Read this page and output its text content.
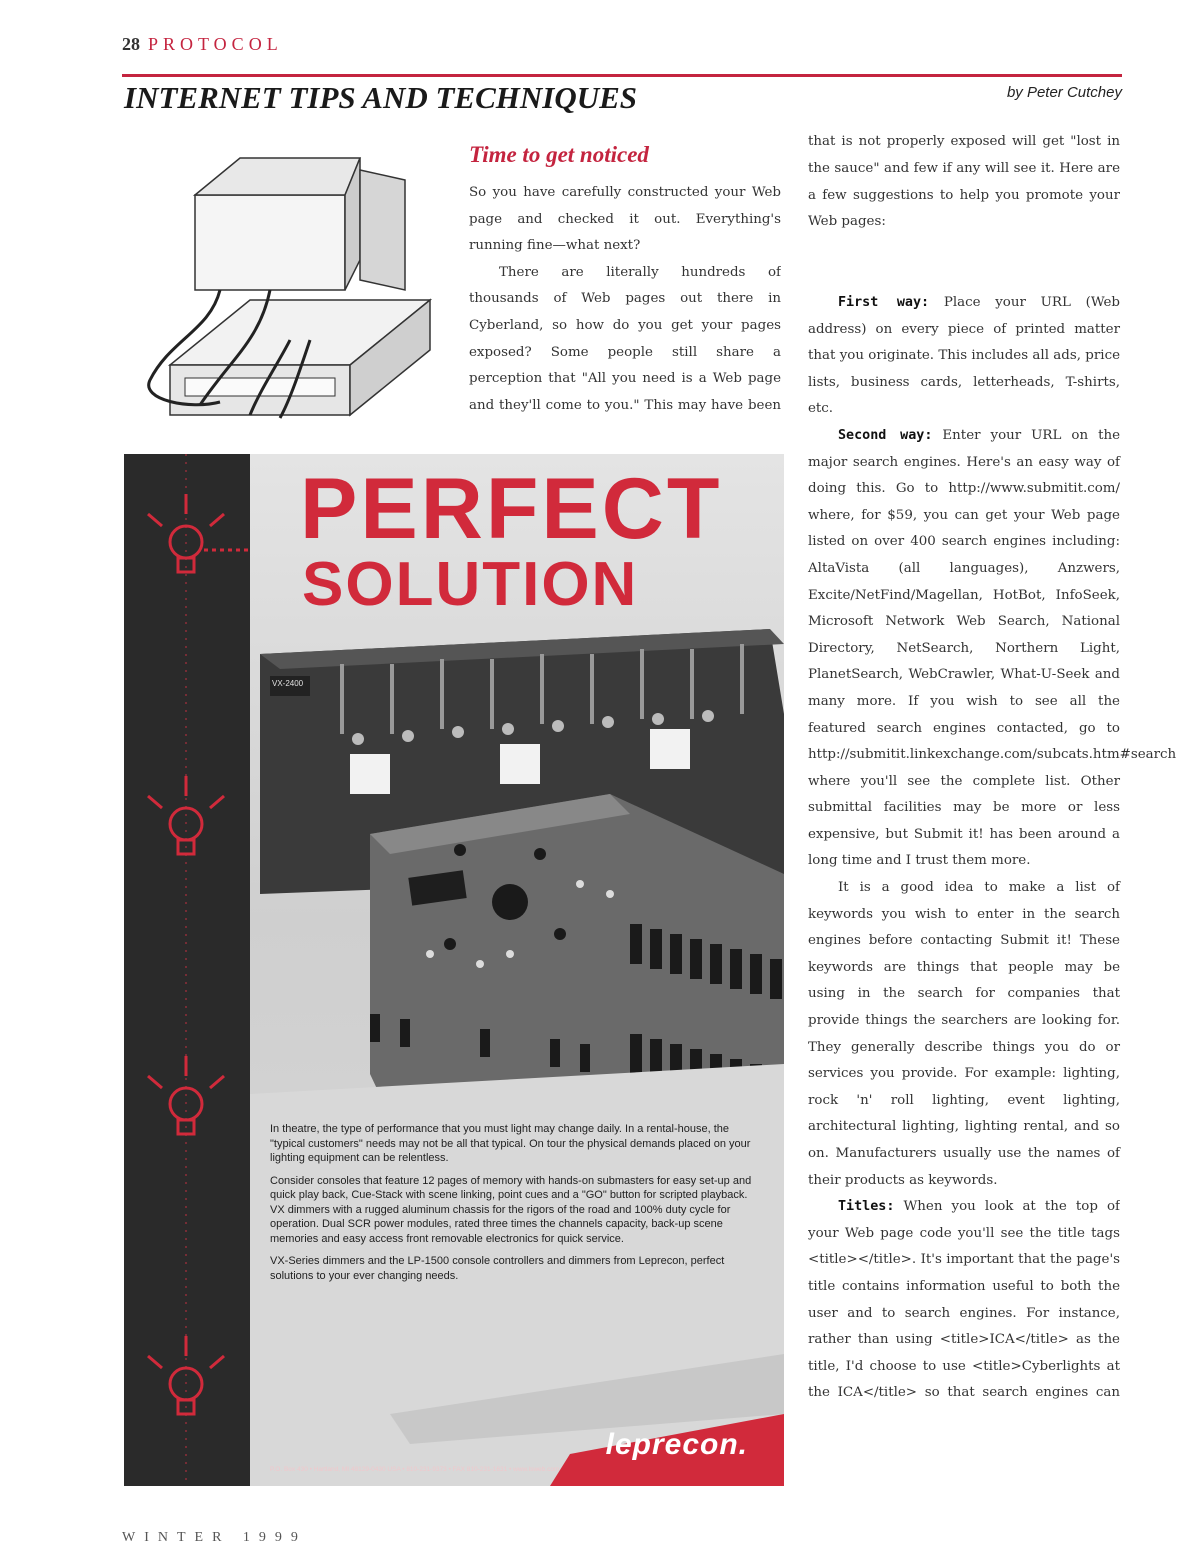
28 PROTOCOL
INTERNET TIPS AND TECHNIQUES	by Peter Cutchey
Time to get noticed

So you have carefully constructed your Web page and checked it out. Everything's running fine—what next?

There are literally hundreds of thousands of Web pages out there in Cyberland, so how do you get your pages exposed? Some people still share a perception that "All you need is a Web page and they'll come to you." This may have been

that is not properly exposed will get "lost in the sauce" and few if any will see it. Here are a few suggestions to help you promote your Web pages:

First way: Place your URL (Web address) on every piece of printed matter that you originate. This includes all ads, price lists, business cards, letterheads, T-shirts, etc.

Second way: Enter your URL on the major search engines. Here's an easy way of doing this. Go to http://www.submitit.com/ where, for $59, you can get your Web page listed on over 400 search engines including: AltaVista (all languages), Anzwers, Excite/NetFind/Magellan, HotBot, InfoSeek, Microsoft Network Web Search, National Directory, NetSearch, Northern Light, PlanetSearch, WebCrawler, What-U-Seek and many more. If you wish to see all the featured search engines contacted, go to http://submitit.linkexchange.com/subcats.htm#search where you'll see the complete list. Other submittal facilities may be more or less expensive, but Submit it! has been around a long time and I trust them more.

It is a good idea to make a list of keywords you wish to enter in the search engines before contacting Submit it! These keywords are things that people may be using in the search for companies that provide things the searchers are looking for. They generally describe things you do or services you provide. For example: lighting, rock 'n' roll lighting, event lighting, architectural lighting, lighting rental, and so on. Manufacturers usually use the names of their products as keywords.

Titles: When you look at the top of your Web page code you'll see the title tags <title></title>. It's important that the page's title contains information useful to both the user and to search engines. For instance, rather than using <title>ICA</title> as the title, I'd choose to use <title>Cyberlights at the ICA</title> so that search engines can

VX-2400
PERFECT
SOLUTION

In theatre, the type of performance that you must light may change daily. In a rental-house, the "typical customers" needs may not be all that typical. On tour the physical demands placed on your lighting equipment can be relentless.

Consider consoles that feature 12 pages of memory with hands-on submasters for easy set-up and quick play back, Cue-Stack with scene linking, point cues and a "GO" button for scripted playback. VX dimmers with a rugged aluminum chassis for the rigors of the road and 100% duty cycle for operation. Dual SCR power modules, rated three times the channels capacity, back-up scene memories and easy access front removable electronics for quick service.

VX-Series dimmers and the LP-1500 console controllers and dimmers from Leprecon, perfect solutions to your ever changing needs.

leprecon.
P.O. Box 430 • Hartland, MI 48129-0430 USA • 810-231-9373 • FAX 810-231-1631 • www.lsweb.com
WINTER 1999
